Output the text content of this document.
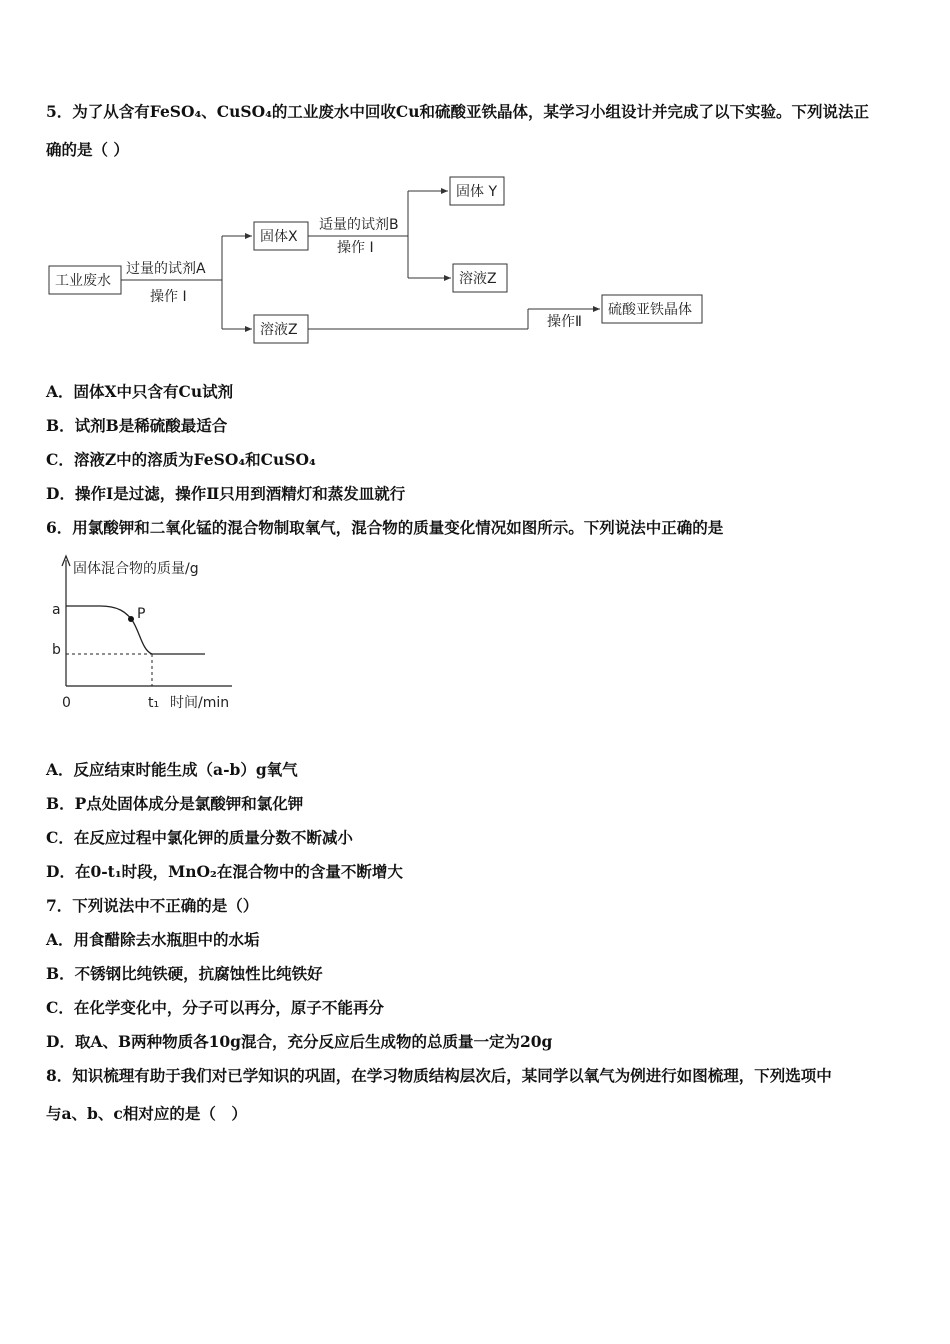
5．为了从含有FeSO₄、CuSO₄的工业废水中回收Cu和硫酸亚铁晶体，某学习小组设计并完成了以下实验。下列说法正
确的是（ ）
工业废水
固体X
溶液Z
固体 Y
溶液Z
硫酸亚铁晶体
过量的试剂A
操作 I
适量的试剂B
操作 I
操作Ⅱ
A．固体X中只含有Cu试剂
B．试剂B是稀硫酸最适合
C．溶液Z中的溶质为FeSO₄和CuSO₄
D．操作I是过滤，操作Ⅱ只用到酒精灯和蒸发皿就行
6．用氯酸钾和二氧化锰的混合物制取氧气，混合物的质量变化情况如图所示。下列说法中正确的是
固体混合物的质量/g
a
b
0	t₁ 时间/min
P
A．反应结束时能生成（a-b）g氧气
B．P点处固体成分是氯酸钾和氯化钾
C．在反应过程中氯化钾的质量分数不断减小
D．在0-t₁时段，MnO₂在混合物中的含量不断增大
7．下列说法中不正确的是（）
A．用食醋除去水瓶胆中的水垢
B．不锈钢比纯铁硬，抗腐蚀性比纯铁好
C．在化学变化中，分子可以再分，原子不能再分
D．取A、B两种物质各10g混合，充分反应后生成物的总质量一定为20g
8．知识梳理有助于我们对已学知识的巩固，在学习物质结构层次后，某同学以氧气为例进行如图梳理，下列选项中
与a、b、c相对应的是（　）
